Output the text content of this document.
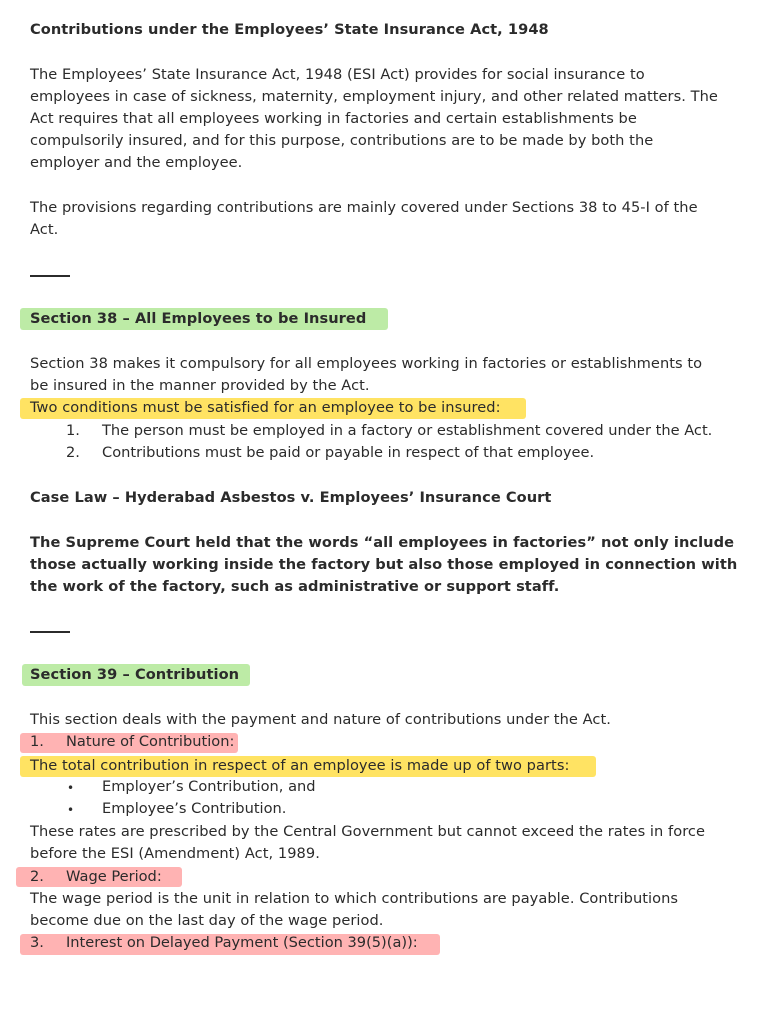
Contributions under the Employees’ State Insurance Act, 1948
The Employees’ State Insurance Act, 1948 (ESI Act) provides for social insurance to
employees in case of sickness, maternity, employment injury, and other related matters. The
Act requires that all employees working in factories and certain establishments be
compulsorily insured, and for this purpose, contributions are to be made by both the
employer and the employee.
The provisions regarding contributions are mainly covered under Sections 38 to 45-I of the
Act.
Section 38 – All Employees to be Insured
Section 38 makes it compulsory for all employees working in factories or establishments to
be insured in the manner provided by the Act.
Two conditions must be satisfied for an employee to be insured:
1. The person must be employed in a factory or establishment covered under the Act.
2. Contributions must be paid or payable in respect of that employee.
Case Law – Hyderabad Asbestos v. Employees’ Insurance Court
The Supreme Court held that the words “all employees in factories” not only include
those actually working inside the factory but also those employed in connection with
the work of the factory, such as administrative or support staff.
Section 39 – Contribution
This section deals with the payment and nature of contributions under the Act.
1. Nature of Contribution:
The total contribution in respect of an employee is made up of two parts:
• Employer’s Contribution, and
• Employee’s Contribution.
These rates are prescribed by the Central Government but cannot exceed the rates in force
before the ESI (Amendment) Act, 1989.
2. Wage Period:
The wage period is the unit in relation to which contributions are payable. Contributions
become due on the last day of the wage period.
3. Interest on Delayed Payment (Section 39(5)(a)):
